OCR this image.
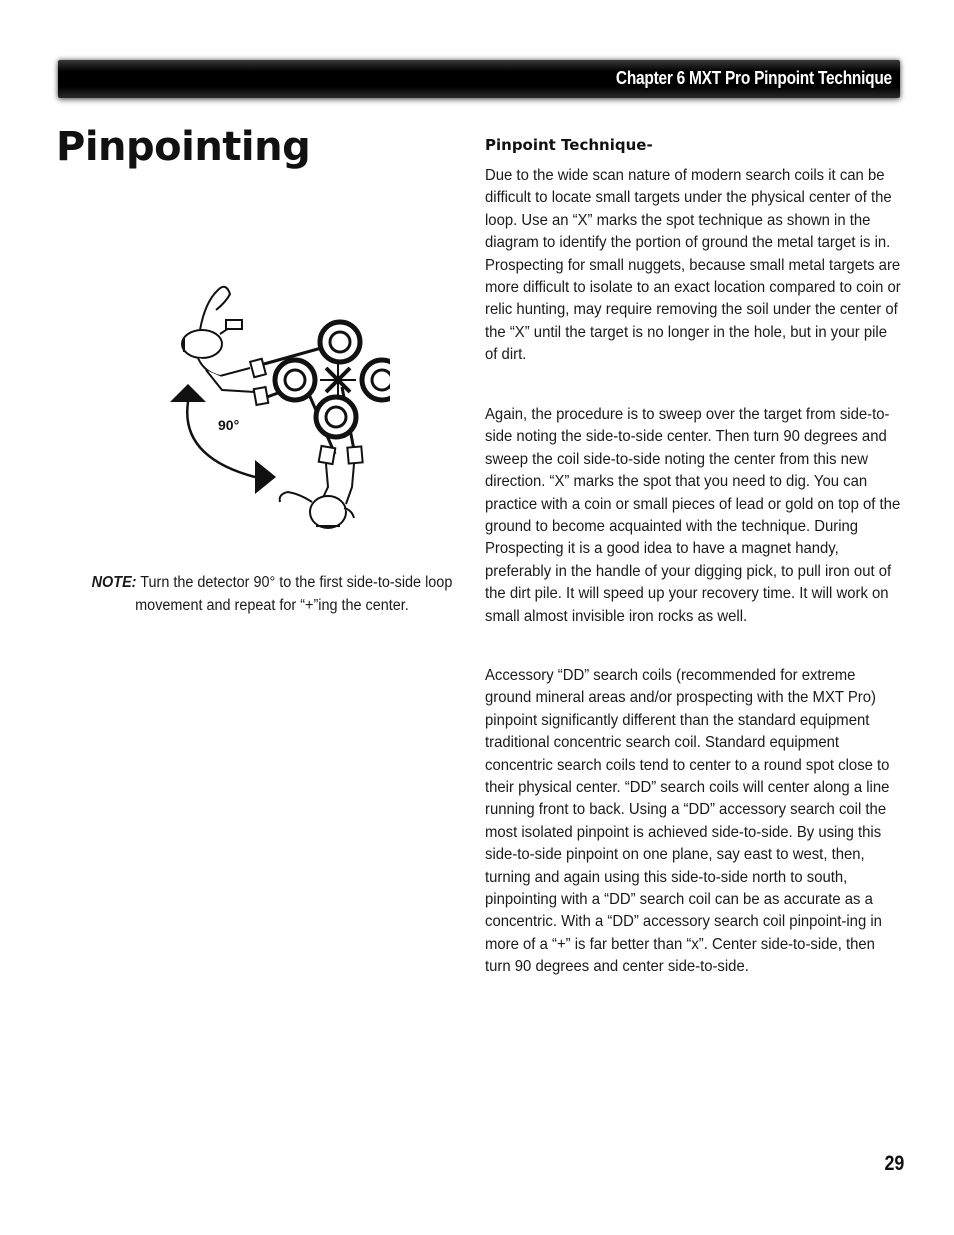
Chapter 6 MXT Pro Pinpoint Technique
Pinpointing
90°
NOTE: Turn the detector 90° to the first side-to-side loop movement and repeat for “+”ing the center.
Pinpoint Technique-

Due to the wide scan nature of modern search coils it can be difficult to locate small targets under the physical center of the loop. Use an “X” marks the spot technique as shown in the diagram to identify the portion of ground the metal target is in. Prospecting for small nuggets, because small metal targets are more difficult to isolate to an exact location compared to coin or relic hunting, may require removing the soil under the center of the “X” until the target is no longer in the hole, but in your pile of dirt.

Again, the procedure is to sweep over the target from side-to-side noting the side-to-side center. Then turn 90 degrees and sweep the coil side-to-side noting the center from this new direction. “X” marks the spot that you need to dig. You can practice with a coin or small pieces of lead or gold on top of the ground to become acquainted with the technique. During Prospecting it is a good idea to have a magnet handy, preferably in the handle of your digging pick, to pull iron out of the dirt pile. It will speed up your recovery time. It will work on small almost invisible iron rocks as well.

Accessory “DD” search coils (recommended for extreme ground mineral areas and/or prospecting with the MXT Pro) pinpoint significantly different than the standard equipment traditional concentric search coil. Standard equipment concentric search coils tend to center to a round spot close to their physical center. “DD” search coils will center along a line running front to back. Using a “DD” accessory search coil the most isolated pinpoint is achieved side-to-side. By using this side-to-side pinpoint on one plane, say east to west, then, turning and again using this side-to-side north to south, pinpointing with a “DD” search coil can be as accurate as a concentric. With a “DD” accessory search coil pinpoint-ing in more of a “+” is far better than “x”. Center side-to-side, then turn 90 degrees and center side-to-side.

29
